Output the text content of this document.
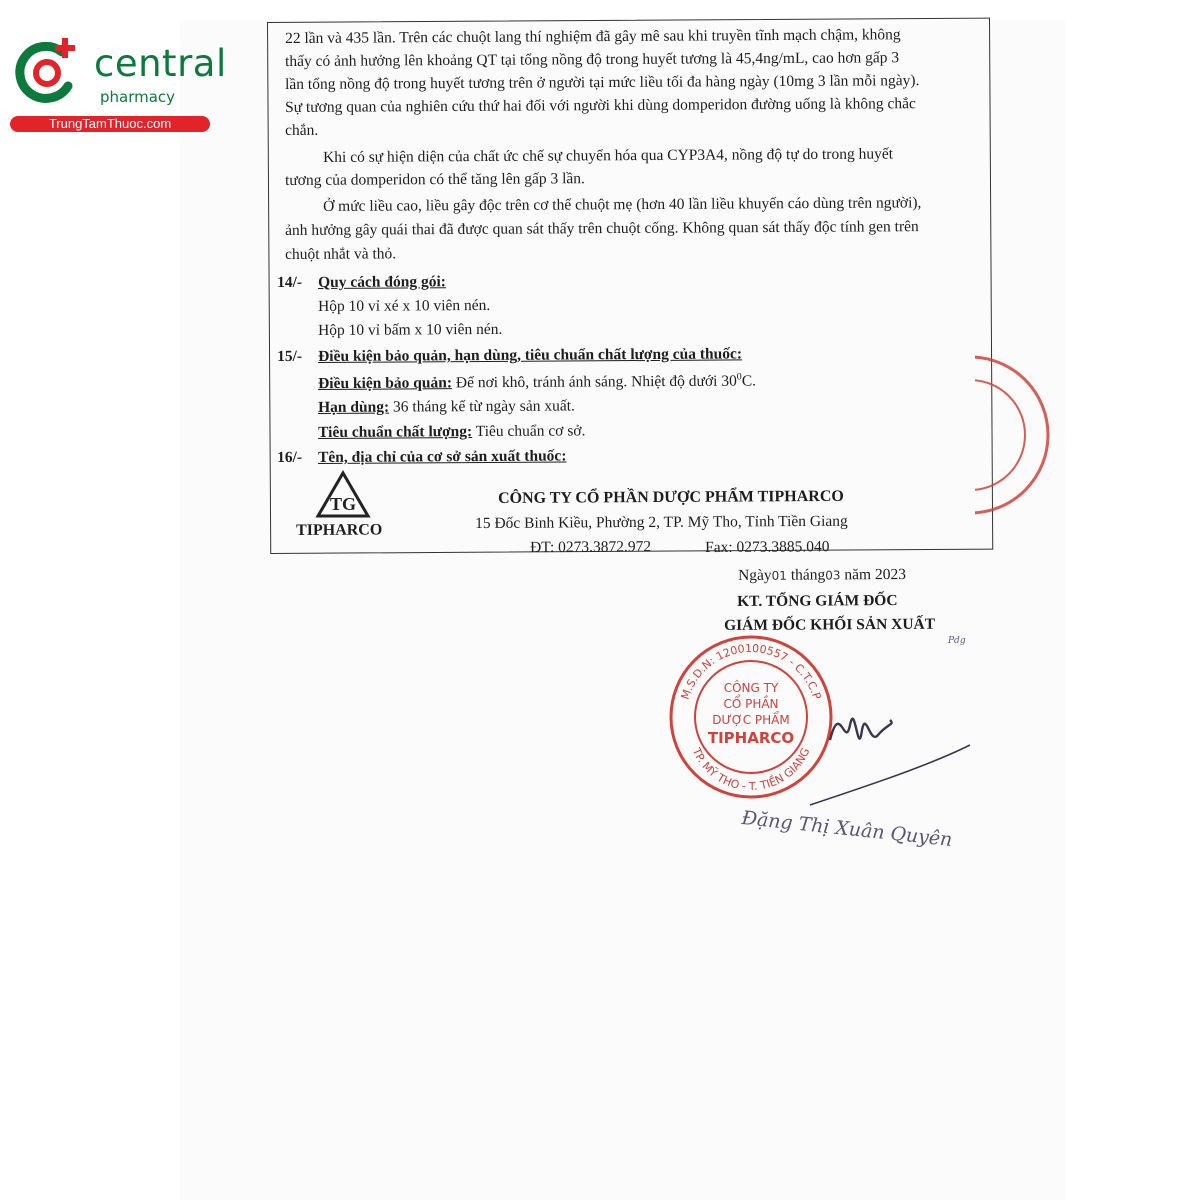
central
pharmacy
TrungTamThuoc.com
22 lần và 435 lần. Trên các chuột lang thí nghiệm đã gây mê sau khi truyền tĩnh mạch chậm, không
thấy có ảnh hưởng lên khoảng QT tại tổng nồng độ trong huyết tương là 45,4ng/mL, cao hơn gấp 3
lần tổng nồng độ trong huyết tương trên ở người tại mức liều tối đa hàng ngày (10mg 3 lần mỗi ngày).
Sự tương quan của nghiên cứu thứ hai đối với người khi dùng domperidon đường uống là không chắc
chắn.
Khi có sự hiện diện của chất ức chế sự chuyển hóa qua CYP3A4, nồng độ tự do trong huyết
tương của domperidon có thể tăng lên gấp 3 lần.
Ở mức liều cao, liều gây độc trên cơ thể chuột mẹ (hơn 40 lần liều khuyến cáo dùng trên người),
ảnh hưởng gây quái thai đã được quan sát thấy trên chuột cống. Không quan sát thấy độc tính gen trên
chuột nhắt và thỏ.
14/- Quy cách đóng gói:
Hộp 10 vỉ xé x 10 viên nén.
Hộp 10 vỉ bấm x 10 viên nén.
15/- Điều kiện bảo quản, hạn dùng, tiêu chuẩn chất lượng của thuốc:
Điều kiện bảo quản: Để nơi khô, tránh ánh sáng. Nhiệt độ dưới $30^0C$.
Hạn dùng: 36 tháng kể từ ngày sản xuất.
Tiêu chuẩn chất lượng: Tiêu chuẩn cơ sở.
16/- Tên, địa chỉ của cơ sở sản xuất thuốc:
TG
TIPHARCO
CÔNG TY CỔ PHẦN DƯỢC PHẨM TIPHARCO
15 Đốc Binh Kiều, Phường 2, TP. Mỹ Tho, Tỉnh Tiền Giang
ĐT: 0273.3872.972	Fax: 0273.3885.040
Ngày01 tháng03 năm 2023
KT. TỔNG GIÁM ĐỐC
GIÁM ĐỐC KHỐI SẢN XUẤT
Pdg
M.S.D.N: 1200100557 - C.T.C.P
TP. MỸ THO - T. TIỀN GIANG
CÔNG TY
CỔ PHẦN
DƯỢC PHẨM
TIPHARCO
Đặng Thị Xuân Quyên
